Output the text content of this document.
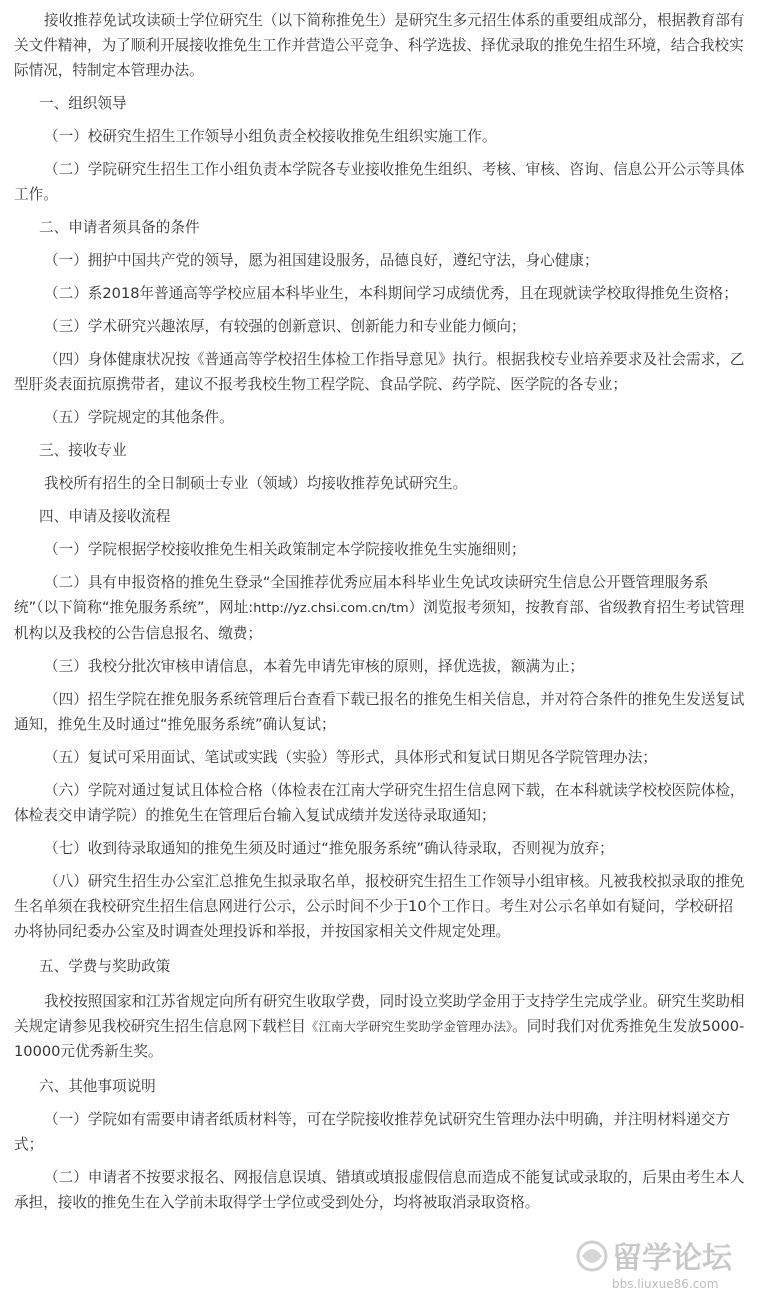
接收推荐免试攻读硕士学位研究生（以下简称推免生）是研究生多元招生体系的重要组成部分，根据教育部有关文件精神，为了顺利开展接收推免生工作并营造公平竞争、科学选拔、择优录取的推免生招生环境，结合我校实际情况，特制定本管理办法。

一、组织领导

（一）校研究生招生工作领导小组负责全校接收推免生组织实施工作。

（二）学院研究生招生工作小组负责本学院各专业接收推免生组织、考核、审核、咨询、信息公开公示等具体工作。

二、申请者须具备的条件

（一）拥护中国共产党的领导，愿为祖国建设服务，品德良好，遵纪守法，身心健康；

（二）系2018年普通高等学校应届本科毕业生，本科期间学习成绩优秀，且在现就读学校取得推免生资格；

（三）学术研究兴趣浓厚，有较强的创新意识、创新能力和专业能力倾向；

（四）身体健康状况按《普通高等学校招生体检工作指导意见》执行。根据我校专业培养要求及社会需求，乙型肝炎表面抗原携带者，建议不报考我校生物工程学院、食品学院、药学院、医学院的各专业；

（五）学院规定的其他条件。

三、接收专业

我校所有招生的全日制硕士专业（领域）均接收推荐免试研究生。

四、申请及接收流程

（一）学院根据学校接收推免生相关政策制定本学院接收推免生实施细则；

（二）具有申报资格的推免生登录“全国推荐优秀应届本科毕业生免试攻读研究生信息公开暨管理服务系统”（以下简称“推免服务系统”，网址:http://yz.chsi.com.cn/tm）浏览报考须知，按教育部、省级教育招生考试管理机构以及我校的公告信息报名、缴费；

（三）我校分批次审核申请信息，本着先申请先审核的原则，择优选拔，额满为止；

（四）招生学院在推免服务系统管理后台查看下载已报名的推免生相关信息，并对符合条件的推免生发送复试通知，推免生及时通过“推免服务系统”确认复试；

（五）复试可采用面试、笔试或实践（实验）等形式，具体形式和复试日期见各学院管理办法；

（六）学院对通过复试且体检合格（体检表在江南大学研究生招生信息网下载，在本科就读学校校医院体检，体检表交申请学院）的推免生在管理后台输入复试成绩并发送待录取通知；

（七）收到待录取通知的推免生须及时通过“推免服务系统”确认待录取，否则视为放弃；

（八）研究生招生办公室汇总推免生拟录取名单，报校研究生招生工作领导小组审核。凡被我校拟录取的推免生名单须在我校研究生招生信息网进行公示，公示时间不少于10个工作日。考生对公示名单如有疑问，学校研招办将协同纪委办公室及时调查处理投诉和举报，并按国家相关文件规定处理。

五、学费与奖助政策

我校按照国家和江苏省规定向所有研究生收取学费，同时设立奖助学金用于支持学生完成学业。研究生奖助相关规定请参见我校研究生招生信息网下载栏目《江南大学研究生奖助学金管理办法》。同时我们对优秀推免生发放5000-10000元优秀新生奖。

六、其他事项说明

（一）学院如有需要申请者纸质材料等，可在学院接收推荐免试研究生管理办法中明确，并注明材料递交方式；

（二）申请者不按要求报名、网报信息误填、错填或填报虚假信息而造成不能复试或录取的，后果由考生本人承担，接收的推免生在入学前未取得学士学位或受到处分，均将被取消录取资格。

留学论坛
bbs.liuxue86.com
